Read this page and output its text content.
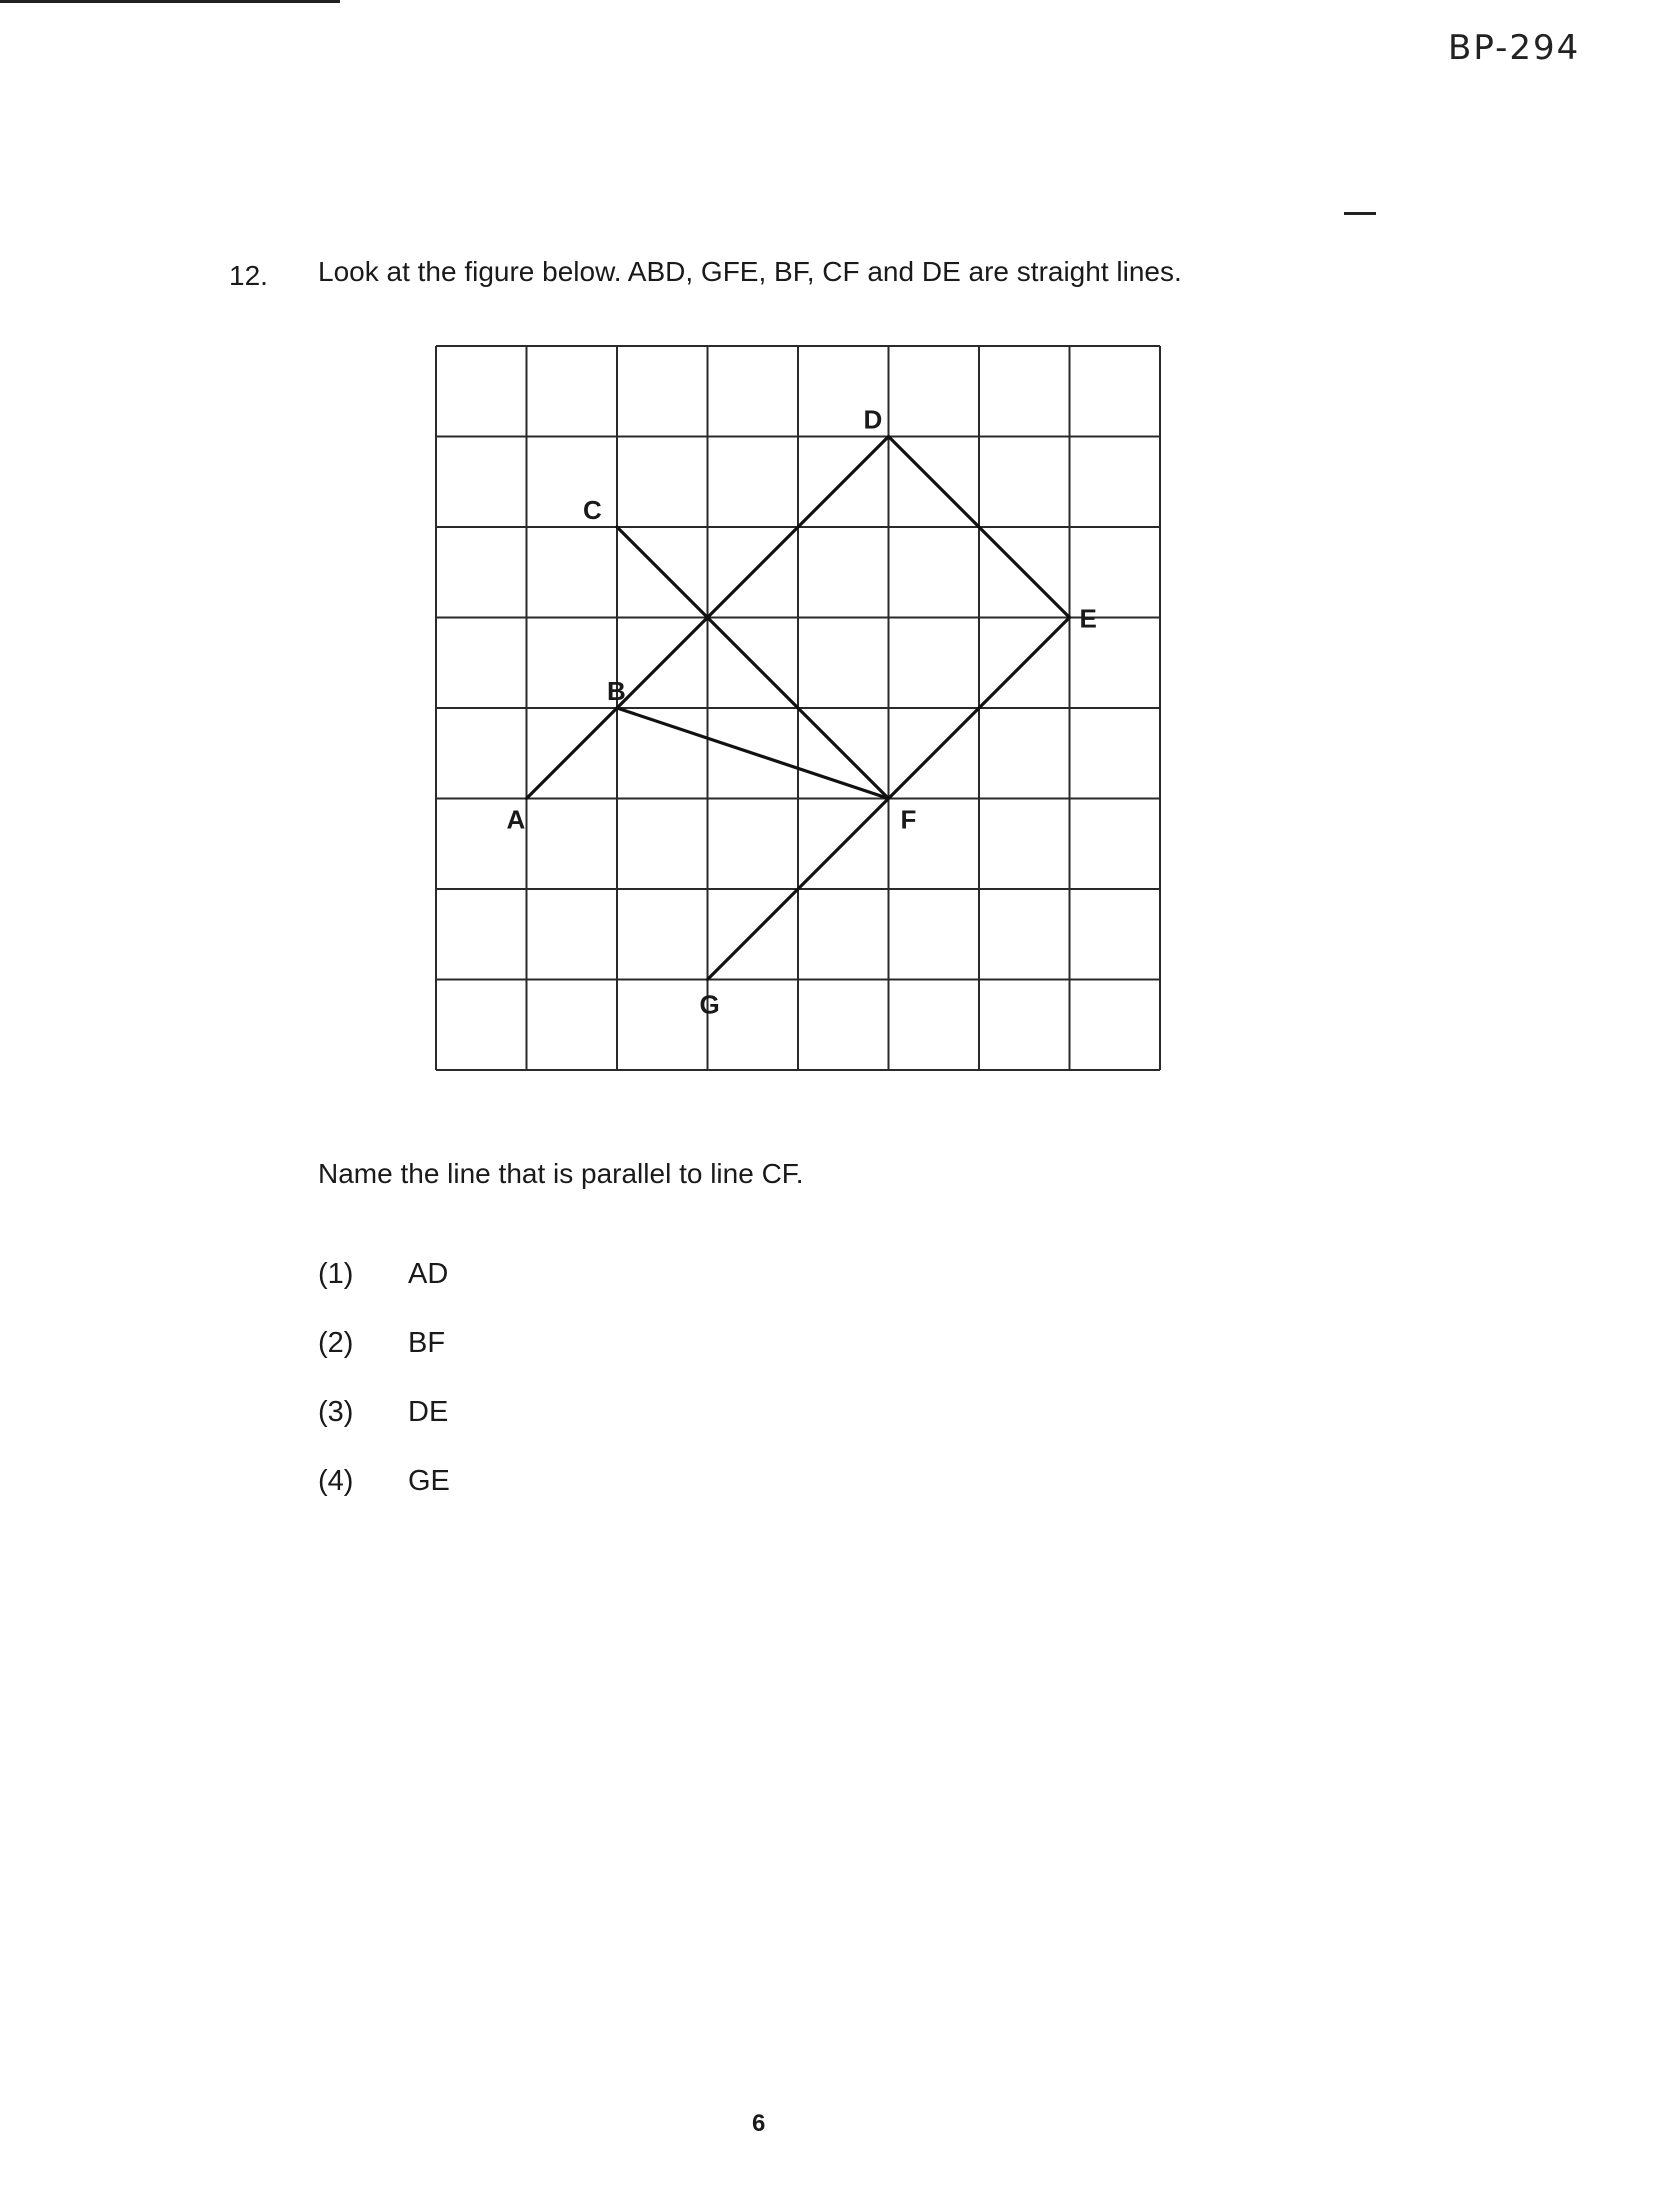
BP-294
12. Look at the figure below. ABD, GFE, BF, CF and DE are straight lines.
A
B
C
D
E
F
G
Name the line that is parallel to line CF.
(1) AD
(2) BF
(3) DE
(4) GE
6
